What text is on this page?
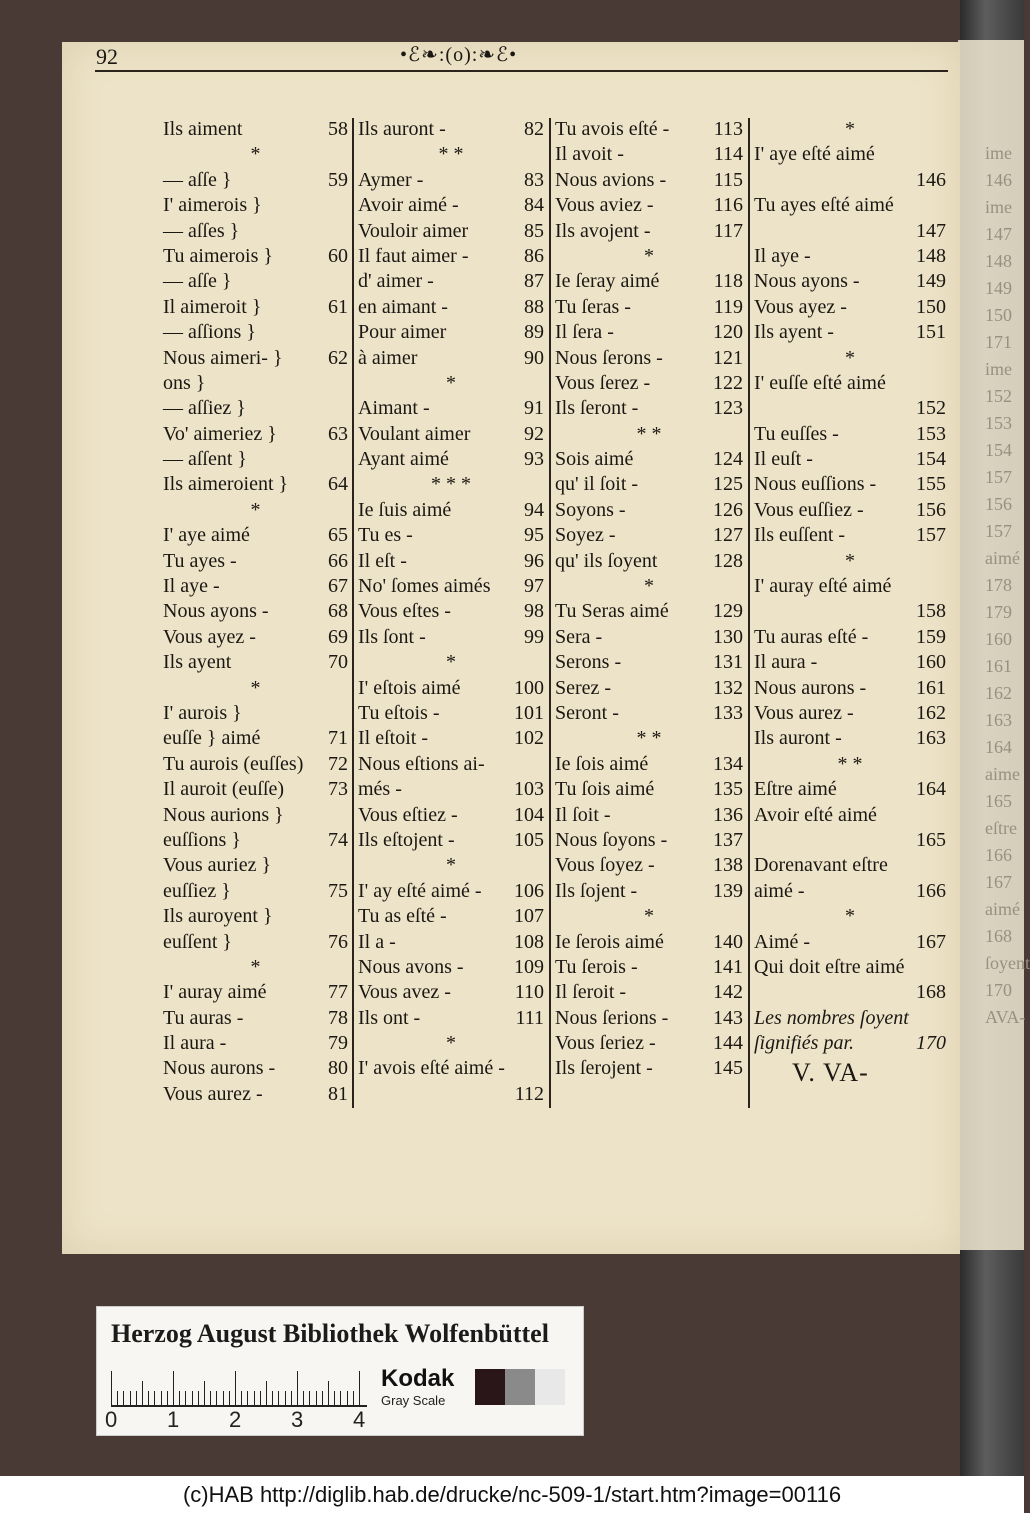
ime
146
ime
147
148
149
150
171
ime
152
153
154
157
156
157
aimé
178
179
160
161
162
163
164
aime
165
eſtre
166
167
aimé
168
ſoyent
170
AVA-
92	•ℰ❧:(o):❧ℰ•
Ils aiment	58
*
— aſſe }	59
I' aimerois }
— aſſes }
Tu aimerois }	60
— aſſe }
Il aimeroit }	61
— aſſions }
Nous aimeri- } 62
ons }
— aſſiez }
Vo' aimeriez }	63
— aſſent }
Ils aimeroient } 64
*
I' aye aimé	65
Tu ayes -	66
Il aye -	67
Nous ayons -	68
Vous ayez -	69
Ils ayent	70
*
I' aurois }
euſſe } aimé	71
Tu aurois (euſſes) 72
Il auroit (euſſe) 73
Nous aurions }
euſſions }	74
Vous auriez }
euſſiez }	75
Ils auroyent }
euſſent }	76
*
I' auray aimé	77
Tu auras -	78
Il aura -	79
Nous aurons -	80
Vous aurez -	81
Ils auront -	82
* *
Aymer -	83
Avoir aimé -	84
Vouloir aimer	85
Il faut aimer -	86
d' aimer -	87
en aimant -	88
Pour aimer	89
à aimer	90
*
Aimant -	91
Voulant aimer	92
Ayant aimé	93
* * *
Ie ſuis aimé	94
Tu es -	95
Il eſt -	96
No' ſomes aimés 97
Vous eſtes -	98
Ils ſont -	99
*
I' eſtois aimé	100
Tu eſtois -	101
Il eſtoit -	102
Nous eſtions ai-
més -	103
Vous eſtiez -	104
Ils eſtojent -	105
*
I' ay eſté aimé - 106
Tu as eſté -	107
Il a -	108
Nous avons -	109
Vous avez -	110
Ils ont -	111
*
I' avois eſté aimé -
112
Tu avois eſté - 113
Il avoit -	114
Nous avions - 115
Vous aviez -	116
Ils avojent -	117
*
Ie ſeray aimé	118
Tu ſeras -	119
Il ſera -	120
Nous ſerons -	121
Vous ſerez -	122
Ils ſeront -	123
* *
Sois aimé	124
qu' il ſoit -	125
Soyons -	126
Soyez -	127
qu' ils ſoyent	128
*
Tu Seras aimé 129
Sera -	130
Serons -	131
Serez -	132
Seront -	133
* *
Ie ſois aimé	134
Tu ſois aimé	135
Il ſoit -	136
Nous ſoyons - 137
Vous ſoyez -	138
Ils ſojent -	139
*
Ie ſerois aimé 140
Tu ſerois -	141
Il ſeroit -	142
Nous ſerions - 143
Vous ſeriez -	144
Ils ſerojent -	145
*
I' aye eſté aimé
146
Tu ayes eſté aimé
147
Il aye -	148
Nous ayons -	149
Vous ayez -	150
Ils ayent -	151
*
I' euſſe eſté aimé
152
Tu euſſes -	153
Il euſt -	154
Nous euſſions - 155
Vous euſſiez -	156
Ils euſſent -	157
*
I' auray eſté aimé
158
Tu auras eſté - 159
Il aura -	160
Nous aurons - 161
Vous aurez -	162
Ils auront -	163
* *
Eſtre aimé	164
Avoir eſté aimé
165
Dorenavant eſtre
aimé -	166
*
Aimé -	167
Qui doit eſtre aimé
168
Les nombres ſoyent
ſignifiés par.	170
V. VA-
Herzog August Bibliothek Wolfenbüttel
0 1 2 3 4
Kodak
Gray Scale
(c)HAB http://diglib.hab.de/drucke/nc-509-1/start.htm?image=00116
